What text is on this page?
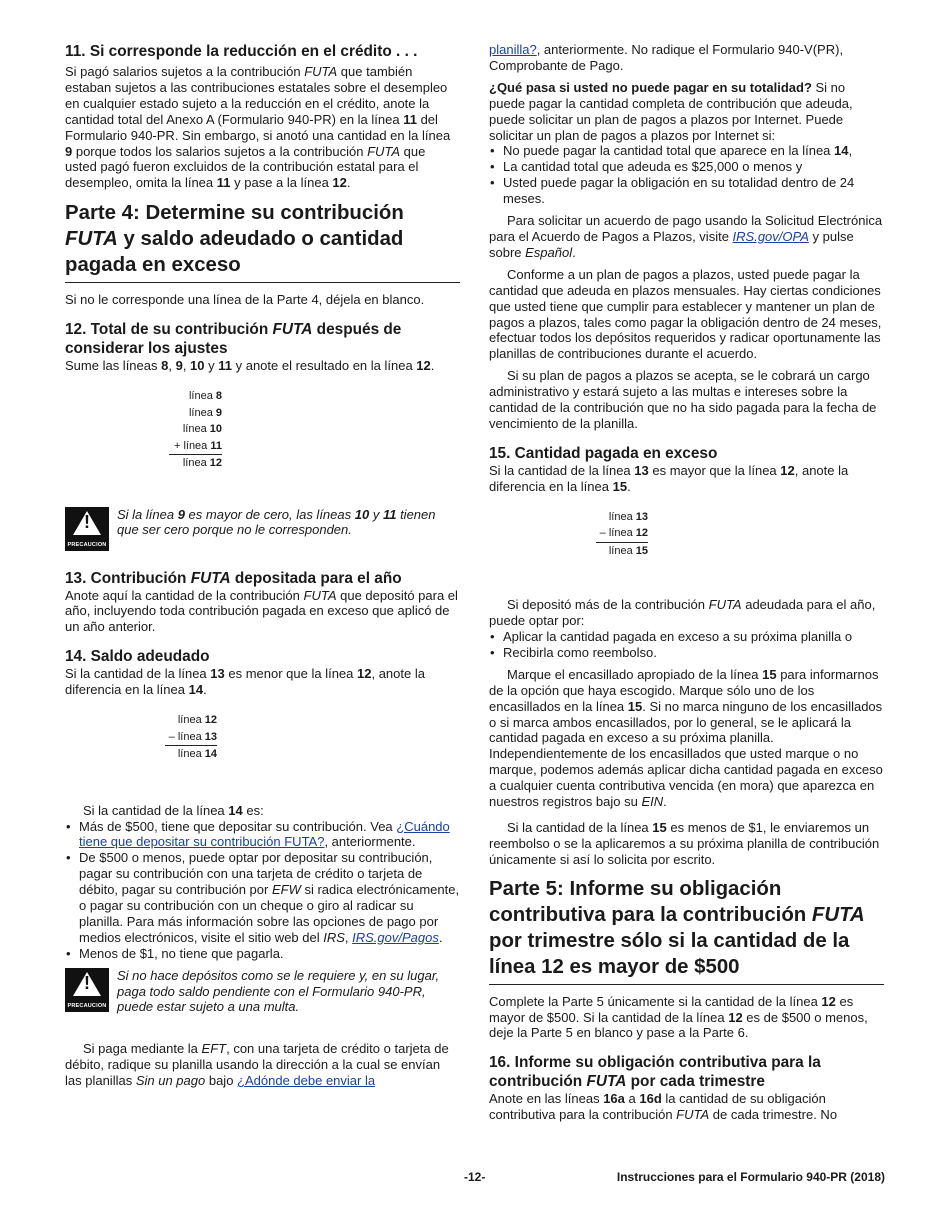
11. Si corresponde la reducción en el crédito . . .

Si pagó salarios sujetos a la contribución FUTA que también estaban sujetos a las contribuciones estatales sobre el desempleo en cualquier estado sujeto a la reducción en el crédito, anote la cantidad total del Anexo A (Formulario 940-PR) en la línea 11 del Formulario 940-PR. Sin embargo, si anotó una cantidad en la línea 9 porque todos los salarios sujetos a la contribución FUTA que usted pagó fueron excluidos de la contribución estatal para el desempleo, omita la línea 11 y pase a la línea 12.

Parte 4: Determine su contribución FUTA y saldo adeudado o cantidad pagada en exceso

Si no le corresponde una línea de la Parte 4, déjela en blanco.

12. Total de su contribución FUTA después de considerar los ajustes

Sume las líneas 8, 9, 10 y 11 y anote el resultado en la línea 12.

línea 8
línea 9
línea 10
+ línea 11
línea 12
!
PRECAUCION
Si la línea 9 es mayor de cero, las líneas 10 y 11 tienen que ser cero porque no le corresponden.

13. Contribución FUTA depositada para el año

Anote aquí la cantidad de la contribución FUTA que depositó para el año, incluyendo toda contribución pagada en exceso que aplicó de un año anterior.

14. Saldo adeudado

Si la cantidad de la línea 13 es menor que la línea 12, anote la diferencia en la línea 14.

línea 12
– línea 13
línea 14

Si la cantidad de la línea 14 es:

• Más de $500, tiene que depositar su contribución. Vea ¿Cuándo tiene que depositar su contribución FUTA?, anteriormente.

• De $500 o menos, puede optar por depositar su contribución, pagar su contribución con una tarjeta de crédito o tarjeta de débito, pagar su contribución por EFW si radica electrónicamente, o pagar su contribución con un cheque o giro al radicar su planilla. Para más información sobre las opciones de pago por medios electrónicos, visite el sitio web del IRS, IRS.gov/Pagos.

• Menos de $1, no tiene que pagarla.

!
PRECAUCION
Si no hace depósitos como se le requiere y, en su lugar, paga todo saldo pendiente con el Formulario 940-PR, puede estar sujeto a una multa.

Si paga mediante la EFT, con una tarjeta de crédito o tarjeta de débito, radique su planilla usando la dirección a la cual se envían las planillas Sin un pago bajo ¿Adónde debe enviar la

planilla?, anteriormente. No radique el Formulario 940-V(PR), Comprobante de Pago.

¿Qué pasa si usted no puede pagar en su totalidad? Si no puede pagar la cantidad completa de contribución que adeuda, puede solicitar un plan de pagos a plazos por Internet. Puede solicitar un plan de pagos a plazos por Internet si:

• No puede pagar la cantidad total que aparece en la línea 14,

• La cantidad total que adeuda es $25,000 o menos y

• Usted puede pagar la obligación en su totalidad dentro de 24 meses.

Para solicitar un acuerdo de pago usando la Solicitud Electrónica para el Acuerdo de Pagos a Plazos, visite IRS.gov/OPA y pulse sobre Español.

Conforme a un plan de pagos a plazos, usted puede pagar la cantidad que adeuda en plazos mensuales. Hay ciertas condiciones que usted tiene que cumplir para establecer y mantener un plan de pagos a plazos, tales como pagar la obligación dentro de 24 meses, efectuar todos los depósitos requeridos y radicar oportunamente las planillas de contribuciones durante el acuerdo.

Si su plan de pagos a plazos se acepta, se le cobrará un cargo administrativo y estará sujeto a las multas e intereses sobre la cantidad de la contribución que no ha sido pagada para la fecha de vencimiento de la planilla.

15. Cantidad pagada en exceso

Si la cantidad de la línea 13 es mayor que la línea 12, anote la diferencia en la línea 15.

línea 13
– línea 12
línea 15

Si depositó más de la contribución FUTA adeudada para el año, puede optar por:

• Aplicar la cantidad pagada en exceso a su próxima planilla o

• Recibirla como reembolso.

Marque el encasillado apropiado de la línea 15 para informarnos de la opción que haya escogido. Marque sólo uno de los encasillados en la línea 15. Si no marca ninguno de los encasillados o si marca ambos encasillados, por lo general, se le aplicará la cantidad pagada en exceso a su próxima planilla. Independientemente de los encasillados que usted marque o no marque, podemos además aplicar dicha cantidad pagada en exceso a cualquier cuenta contributiva vencida (en mora) que aparezca en nuestros registros bajo su EIN.

Si la cantidad de la línea 15 es menos de $1, le enviaremos un reembolso o se la aplicaremos a su próxima planilla de contribución únicamente si así lo solicita por escrito.

Parte 5: Informe su obligación contributiva para la contribución FUTA por trimestre sólo si la cantidad de la línea 12 es mayor de $500

Complete la Parte 5 únicamente si la cantidad de la línea 12 es mayor de $500. Si la cantidad de la línea 12 es de $500 o menos, deje la Parte 5 en blanco y pase a la Parte 6.

16. Informe su obligación contributiva para la contribución FUTA por cada trimestre

Anote en las líneas 16a a 16d la cantidad de su obligación contributiva para la contribución FUTA de cada trimestre. No

-12-	Instrucciones para el Formulario 940-PR (2018)
